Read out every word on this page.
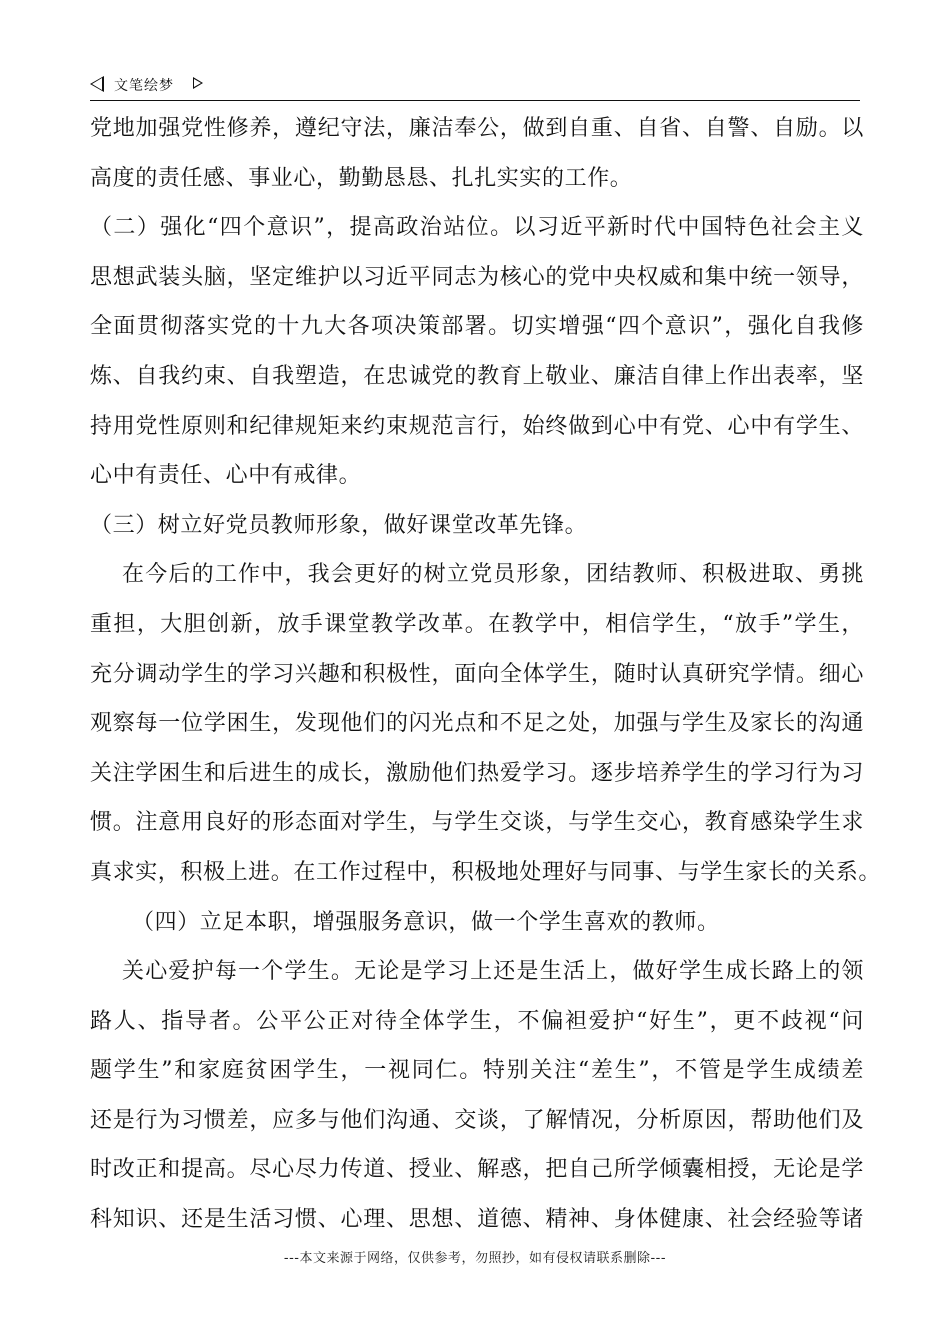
文笔绘梦
党地加强党性修养，遵纪守法，廉洁奉公，做到自重、自省、自警、自励。以
高度的责任感、事业心，勤勤恳恳、扎扎实实的工作。
（二）强化“四个意识”，提高政治站位。以习近平新时代中国特色社会主义
思想武装头脑，坚定维护以习近平同志为核心的党中央权威和集中统一领导，
全面贯彻落实党的十九大各项决策部署。切实增强“四个意识”，强化自我修
炼、自我约束、自我塑造，在忠诚党的教育上敬业、廉洁自律上作出表率，坚
持用党性原则和纪律规矩来约束规范言行，始终做到心中有党、心中有学生、
心中有责任、心中有戒律。
（三）树立好党员教师形象，做好课堂改革先锋。
在今后的工作中，我会更好的树立党员形象，团结教师、积极进取、勇挑
重担，大胆创新，放手课堂教学改革。在教学中，相信学生，“放手”学生，
充分调动学生的学习兴趣和积极性，面向全体学生，随时认真研究学情。细心
观察每一位学困生，发现他们的闪光点和不足之处，加强与学生及家长的沟通
关注学困生和后进生的成长，激励他们热爱学习。逐步培养学生的学习行为习
惯。注意用良好的形态面对学生，与学生交谈，与学生交心，教育感染学生求
真求实，积极上进。在工作过程中，积极地处理好与同事、与学生家长的关系。
（四）立足本职，增强服务意识，做一个学生喜欢的教师。
关心爱护每一个学生。无论是学习上还是生活上，做好学生成长路上的领
路人、指导者。公平公正对待全体学生，不偏袒爱护“好生”，更不歧视“问
题学生”和家庭贫困学生，一视同仁。特别关注“差生”，不管是学生成绩差
还是行为习惯差，应多与他们沟通、交谈，了解情况，分析原因，帮助他们及
时改正和提高。尽心尽力传道、授业、解惑，把自己所学倾囊相授，无论是学
科知识、还是生活习惯、心理、思想、道德、精神、身体健康、社会经验等诸
---本文来源于网络，仅供参考，勿照抄，如有侵权请联系删除---
